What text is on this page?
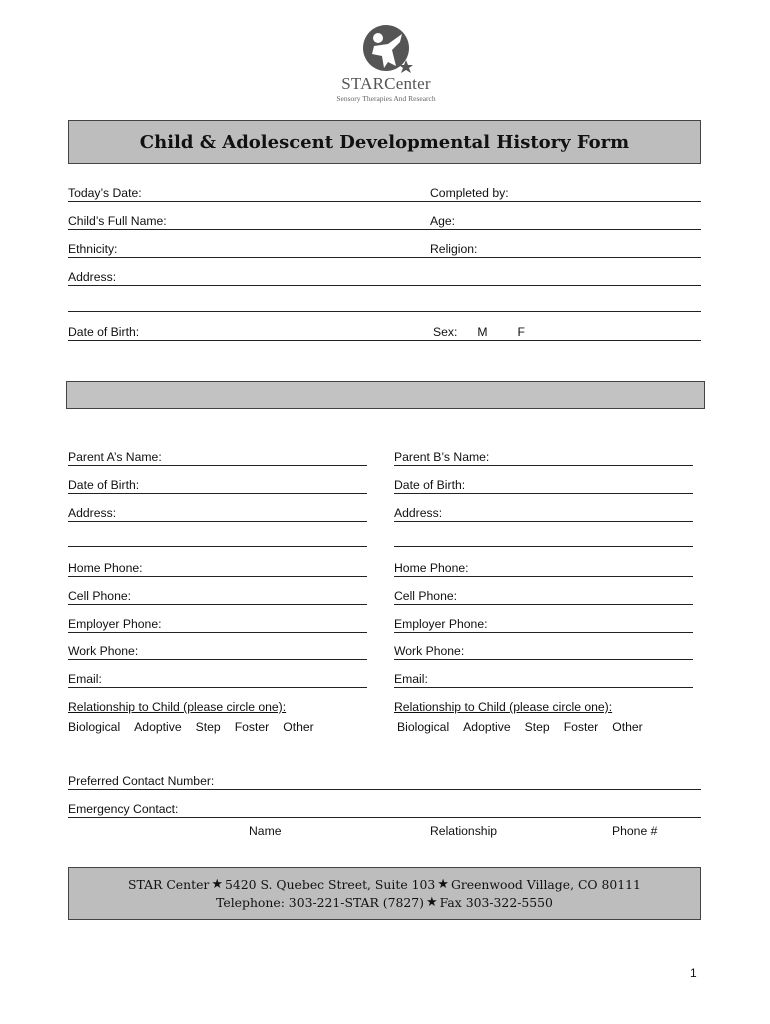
STARCenter
Sensory Therapies And Research
Child & Adolescent Developmental History Form
Today’s Date:	Completed by:
Child’s Full Name:	Age:
Ethnicity:	Religion:
Address:
Date of Birth:	Sex: M F
Parent A’s Name:
Date of Birth:
Address:
Home Phone:
Cell Phone:
Employer Phone:
Work Phone:
Email:
Relationship to Child (please circle one):
Biological Adoptive Step Foster Other
Parent B’s Name:
Date of Birth:
Address:
Home Phone:
Cell Phone:
Employer Phone:
Work Phone:
Email:
Relationship to Child (please circle one):
Biological Adoptive Step Foster Other
Preferred Contact Number:
Emergency Contact:
Name	Relationship	Phone #
STAR Center ★ 5420 S. Quebec Street, Suite 103 ★ Greenwood Village, CO 80111
Telephone: 303-221-STAR (7827) ★ Fax 303-322-5550
1
